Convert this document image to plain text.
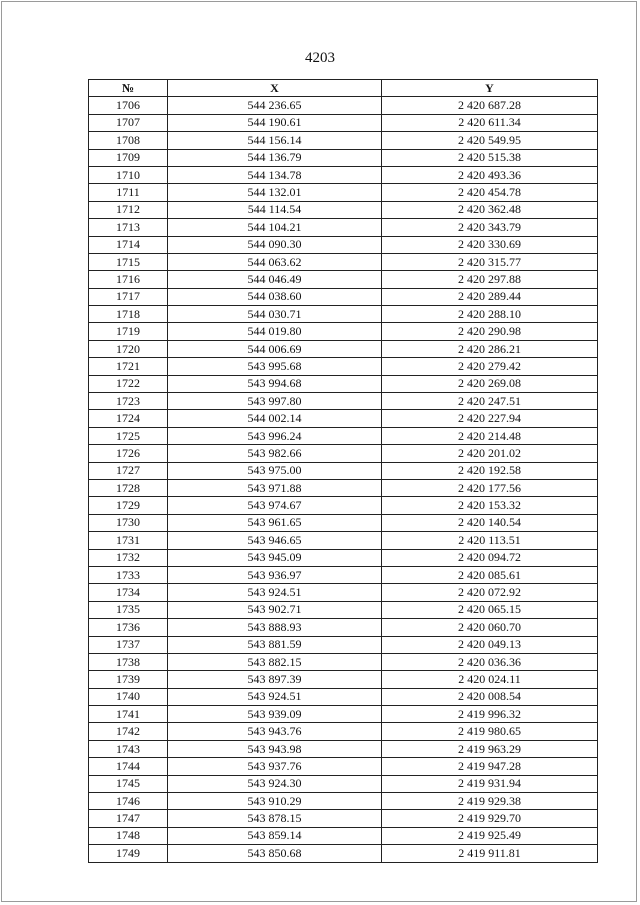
4203
№	X	Y
1706	544 236.65	2 420 687.28
1707	544 190.61	2 420 611.34
1708	544 156.14	2 420 549.95
1709	544 136.79	2 420 515.38
1710	544 134.78	2 420 493.36
1711	544 132.01	2 420 454.78
1712	544 114.54	2 420 362.48
1713	544 104.21	2 420 343.79
1714	544 090.30	2 420 330.69
1715	544 063.62	2 420 315.77
1716	544 046.49	2 420 297.88
1717	544 038.60	2 420 289.44
1718	544 030.71	2 420 288.10
1719	544 019.80	2 420 290.98
1720	544 006.69	2 420 286.21
1721	543 995.68	2 420 279.42
1722	543 994.68	2 420 269.08
1723	543 997.80	2 420 247.51
1724	544 002.14	2 420 227.94
1725	543 996.24	2 420 214.48
1726	543 982.66	2 420 201.02
1727	543 975.00	2 420 192.58
1728	543 971.88	2 420 177.56
1729	543 974.67	2 420 153.32
1730	543 961.65	2 420 140.54
1731	543 946.65	2 420 113.51
1732	543 945.09	2 420 094.72
1733	543 936.97	2 420 085.61
1734	543 924.51	2 420 072.92
1735	543 902.71	2 420 065.15
1736	543 888.93	2 420 060.70
1737	543 881.59	2 420 049.13
1738	543 882.15	2 420 036.36
1739	543 897.39	2 420 024.11
1740	543 924.51	2 420 008.54
1741	543 939.09	2 419 996.32
1742	543 943.76	2 419 980.65
1743	543 943.98	2 419 963.29
1744	543 937.76	2 419 947.28
1745	543 924.30	2 419 931.94
1746	543 910.29	2 419 929.38
1747	543 878.15	2 419 929.70
1748	543 859.14	2 419 925.49
1749	543 850.68	2 419 911.81
